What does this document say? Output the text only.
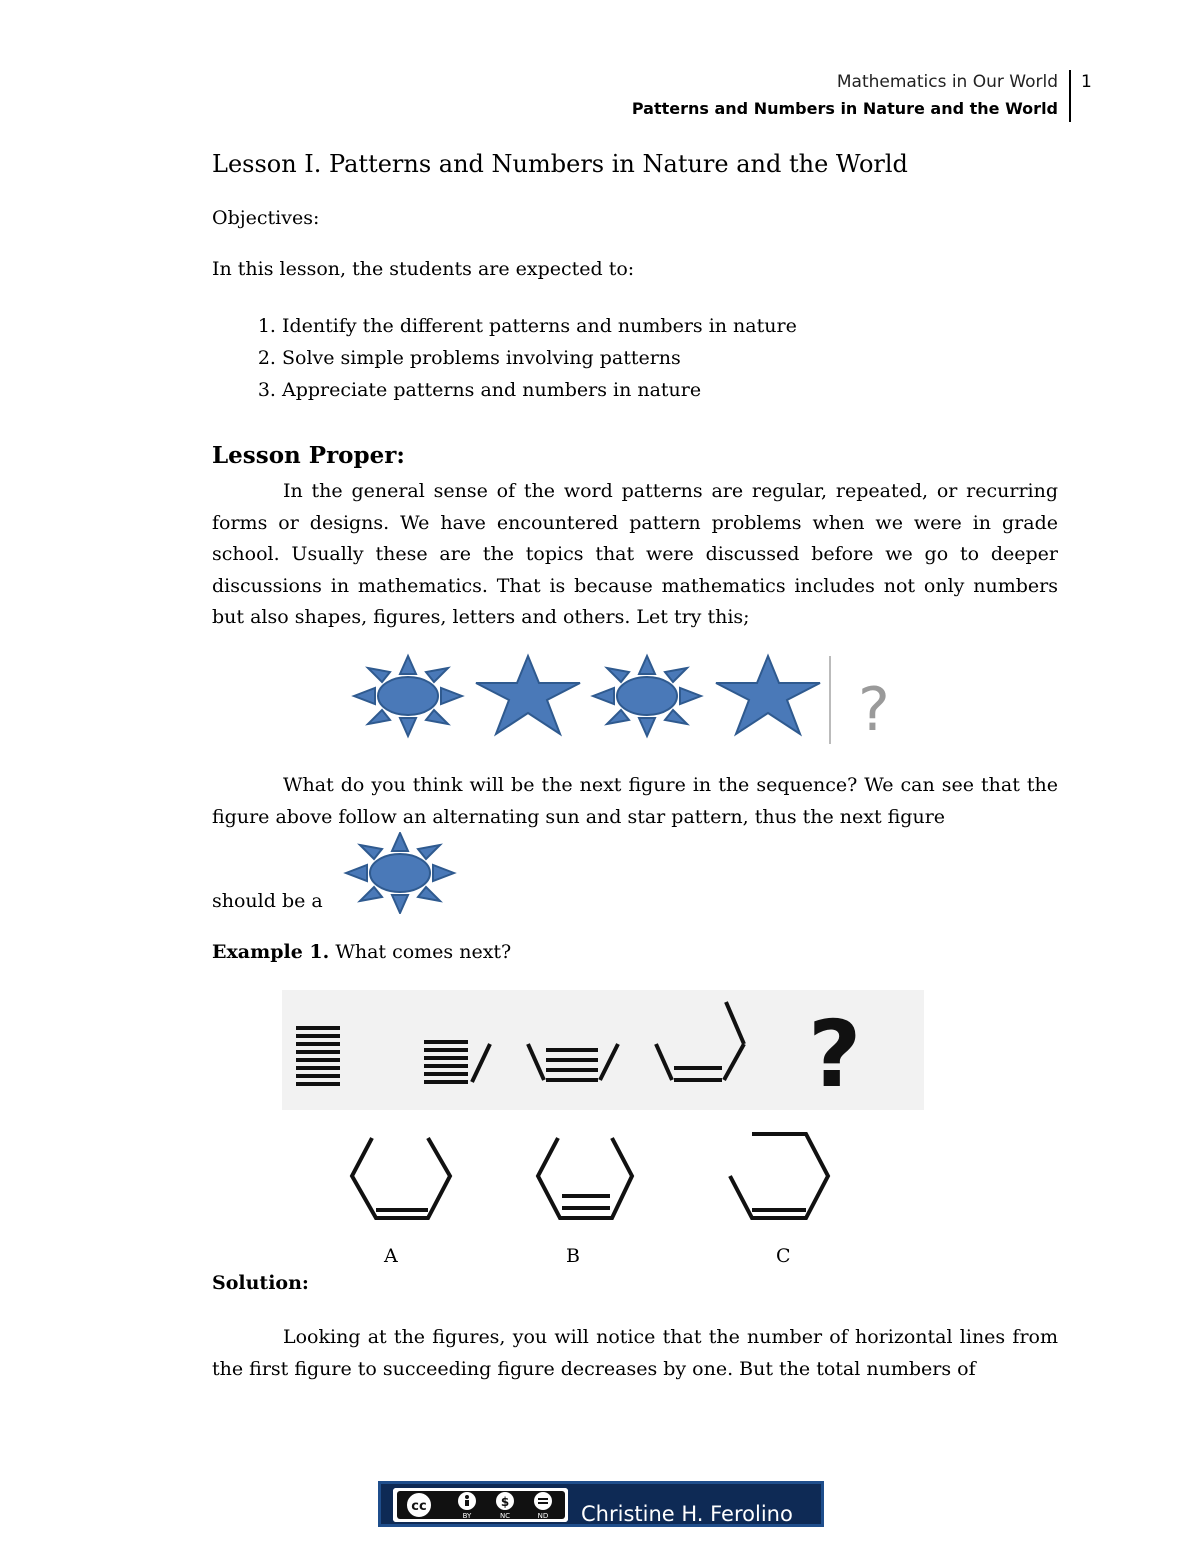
Mathematics in Our World
Patterns and Numbers in Nature and the World
1
Lesson I. Patterns and Numbers in Nature and the World
Objectives:
In this lesson, the students are expected to:
1. Identify the different patterns and numbers in nature
2. Solve simple problems involving patterns
3. Appreciate patterns and numbers in nature
Lesson Proper:
In the general sense of the word patterns are regular, repeated, or recurring forms or designs. We have encountered pattern problems when we were in grade school. Usually these are the topics that were discussed before we go to deeper discussions in mathematics. That is because mathematics includes not only numbers but also shapes, figures, letters and others. Let try this;
?
What do you think will be the next figure in the sequence? We can see that the figure above follow an alternating sun and star pattern, thus the next figure
should be a
Example 1. What comes next?
?
A	B	C
Solution:
Looking at the figures, you will notice that the number of horizontal lines from the first figure to succeeding figure decreases by one. But the total numbers of
cc	$
BY	NC	ND Christine H. Ferolino
